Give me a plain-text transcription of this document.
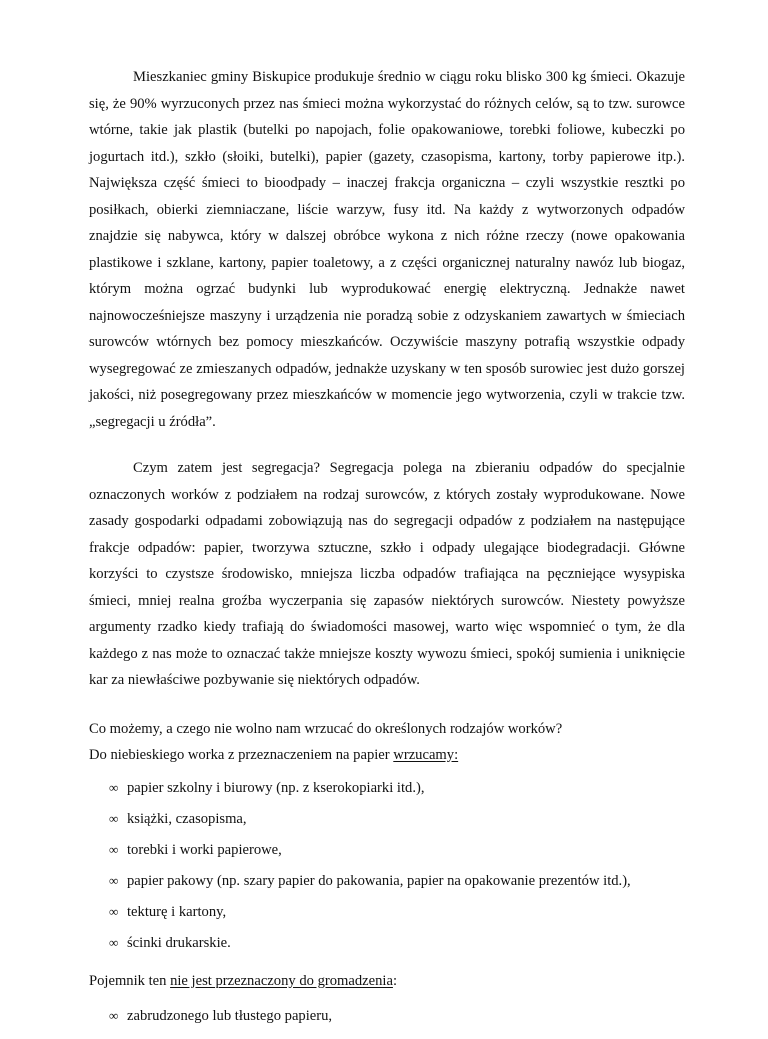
Mieszkaniec gminy Biskupice produkuje średnio w ciągu roku blisko 300 kg śmieci. Okazuje się, że 90% wyrzuconych przez nas śmieci można wykorzystać do różnych celów, są to tzw. surowce wtórne, takie jak plastik (butelki po napojach, folie opakowaniowe, torebki foliowe, kubeczki po jogurtach itd.), szkło (słoiki, butelki), papier (gazety, czasopisma, kartony, torby papierowe itp.). Największa część śmieci to bioodpady – inaczej frakcja organiczna – czyli wszystkie resztki po posiłkach, obierki ziemniaczane, liście warzyw, fusy itd. Na każdy z wytworzonych odpadów znajdzie się nabywca, który w dalszej obróbce wykona z nich różne rzeczy (nowe opakowania plastikowe i szklane, kartony, papier toaletowy, a z części organicznej naturalny nawóz lub biogaz, którym można ogrzać budynki lub wyprodukować energię elektryczną. Jednakże nawet najnowocześniejsze maszyny i urządzenia nie poradzą sobie z odzyskaniem zawartych w śmieciach surowców wtórnych bez pomocy mieszkańców. Oczywiście maszyny potrafią wszystkie odpady wysegregować ze zmieszanych odpadów, jednakże uzyskany w ten sposób surowiec jest dużo gorszej jakości, niż posegregowany przez mieszkańców w momencie jego wytworzenia, czyli w trakcie tzw. „segregacji u źródła”.

Czym zatem jest segregacja? Segregacja polega na zbieraniu odpadów do specjalnie oznaczonych worków z podziałem na rodzaj surowców, z których zostały wyprodukowane. Nowe zasady gospodarki odpadami zobowiązują nas do segregacji odpadów z podziałem na następujące frakcje odpadów: papier, tworzywa sztuczne, szkło i odpady ulegające biodegradacji. Główne korzyści to czystsze środowisko, mniejsza liczba odpadów trafiająca na pęczniejące wysypiska śmieci, mniej realna groźba wyczerpania się zapasów niektórych surowców. Niestety powyższe argumenty rzadko kiedy trafiają do świadomości masowej, warto więc wspomnieć o tym, że dla każdego z nas może to oznaczać także mniejsze koszty wywozu śmieci, spokój sumienia i uniknięcie kar za niewłaściwe pozbywanie się niektórych odpadów.

Co możemy, a czego nie wolno nam wrzucać do określonych rodzajów worków?

Do niebieskiego worka z przeznaczeniem na papier wrzucamy:

∞ papier szkolny i biurowy (np. z kserokopiarki itd.),
∞ książki, czasopisma,
∞ torebki i worki papierowe,
∞ papier pakowy (np. szary papier do pakowania, papier na opakowanie prezentów itd.),
∞ tekturę i kartony,
∞ ścinki drukarskie.

Pojemnik ten nie jest przeznaczony do gromadzenia:

∞ zabrudzonego lub tłustego papieru,
